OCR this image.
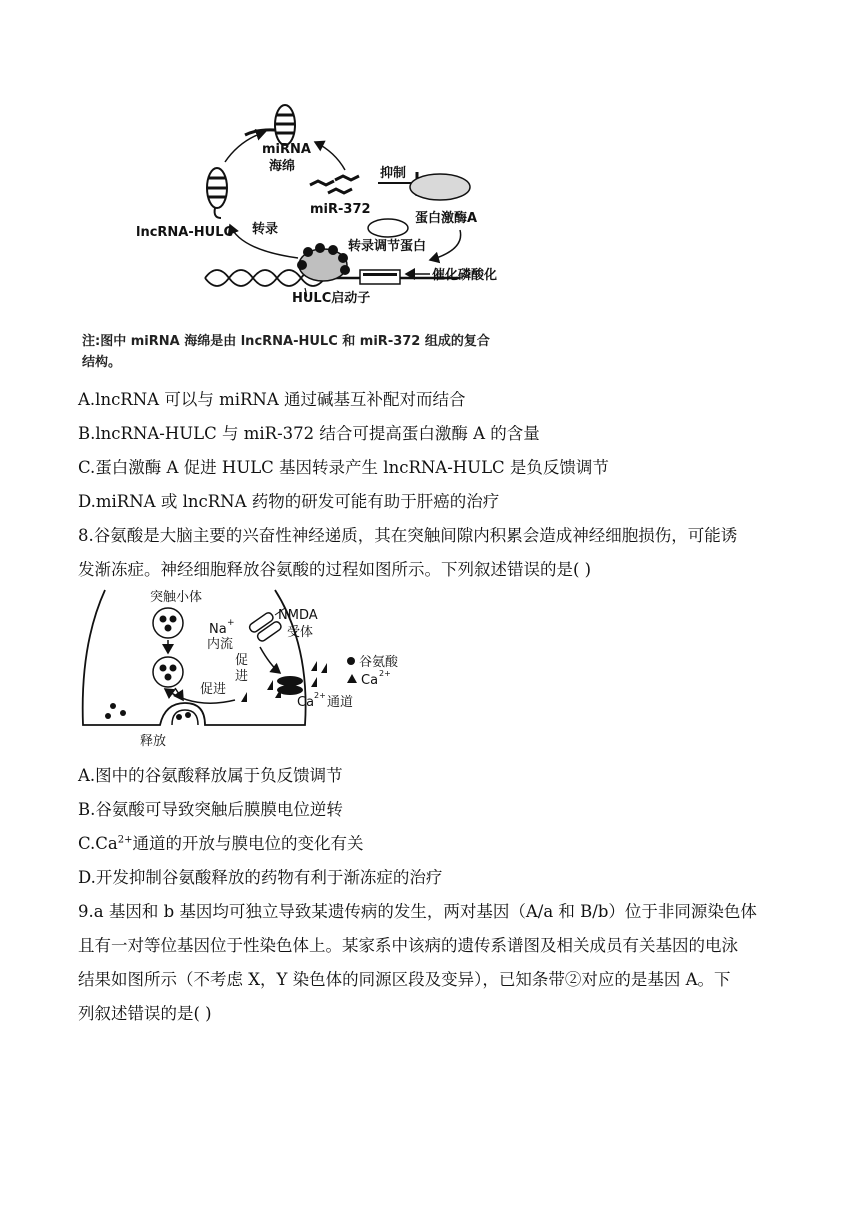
miRNA
海绵	抑制
miR-372
蛋白激酶A
lncRNA-HULC 转录
转录调节蛋白
催化磷酸化
HULC启动子
注:图中 miRNA 海绵是由 lncRNA-HULC 和 miR-372 组成的复合
结构。
A.lncRNA 可以与 miRNA 通过碱基互补配对而结合
B.lncRNA-HULC 与 miR-372 结合可提高蛋白激酶 A 的含量
C.蛋白激酶 A 促进 HULC 基因转录产生 lncRNA-HULC 是负反馈调节
D.miRNA 或 lncRNA 药物的研发可能有助于肝癌的治疗
8.谷氨酸是大脑主要的兴奋性神经递质，其在突触间隙内积累会造成神经细胞损伤，可能诱
发渐冻症。神经细胞释放谷氨酸的过程如图所示。下列叙述错误的是( )
突触小体
NMDA
受体
Na +
内流
促
进
促进
谷氨酸
Ca 2+
Ca 2+ 通道
释放
A.图中的谷氨酸释放属于负反馈调节
B.谷氨酸可导致突触后膜膜电位逆转
$C.Ca^{2+}$通道的开放与膜电位的变化有关
D.开发抑制谷氨酸释放的药物有利于渐冻症的治疗
9.a 基因和 b 基因均可独立导致某遗传病的发生，两对基因（A/a 和 B/b）位于非同源染色体
且有一对等位基因位于性染色体上。某家系中该病的遗传系谱图及相关成员有关基因的电泳
结果如图所示（不考虑 X，Y 染色体的同源区段及变异），已知条带②对应的是基因 A。下
列叙述错误的是( )
